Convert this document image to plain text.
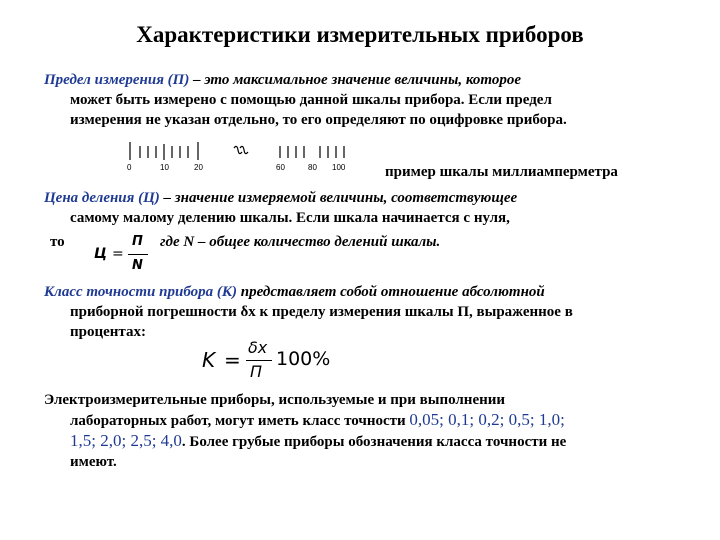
Характеристики измерительных приборов
Предел измерения (П) – это максимальное значение величины, которое
может быть измерено с помощью данной шкалы прибора. Если предел
измерения не указан отдельно, то его определяют по оцифровке прибора.
0	10	20	60	80 100	пример шкалы миллиамперметра
Цена деления (Ц) – значение измеряемой величины, соответствующее
самому малому делению шкалы. Если шкала начинается с нуля,
то	где N – общее количество делений шкалы.
Ц =
П
N
Класс точности прибора (К) представляет собой отношение абсолютной
приборной погрешности δx к пределу измерения шкалы П, выраженное в
процентах:
K =
δx
П
100%
Электроизмерительные приборы, используемые и при выполнении
лабораторных работ, могут иметь класс точности 0,05; 0,1; 0,2; 0,5; 1,0;
1,5; 2,0; 2,5; 4,0. Более грубые приборы обозначения класса точности не
имеют.
